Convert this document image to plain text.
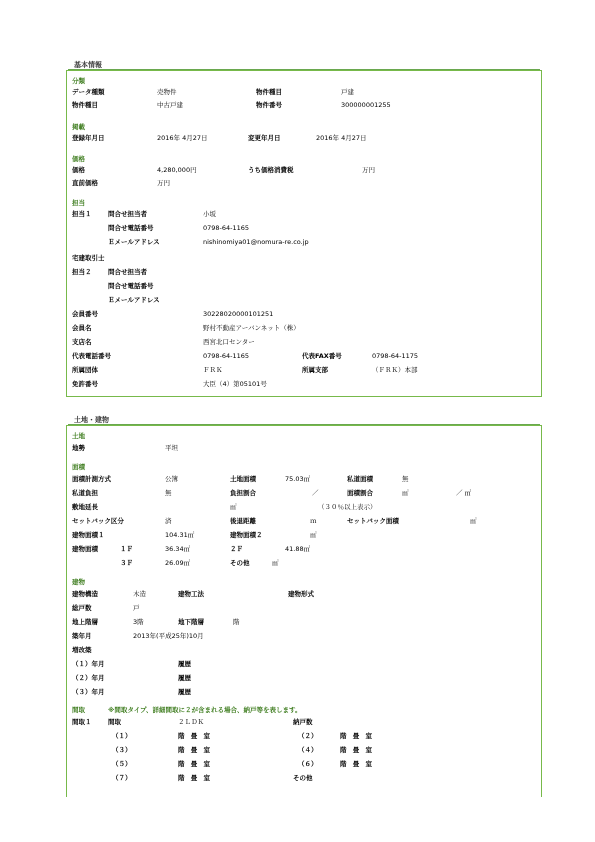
基本情報
分類
データ種類	売物件	物件種目	戸建
物件種目	中古戸建	物件番号	300000001255
掲載
登録年月日	2016年 4月27日	変更年月日	2016年 4月27日
価格
価格	4,280,000円	うち価格消費税	万円
直前価格	万円
担当
担当１	問合せ担当者	小坂
問合せ電話番号	0798-64-1165
Ｅメールアドレス	nishinomiya01@nomura-re.co.jp
宅建取引士
担当２	問合せ担当者
問合せ電話番号
Ｅメールアドレス
会員番号	30228020000101251
会員名	野村不動産アーバンネット（株）
支店名	西宮北口センター
代表電話番号	0798-64-1165	代表FAX番号	0798-64-1175
所属団体	ＦＲＫ	所属支部	（ＦＲＫ）本部
免許番号	大臣（4）第05101号
土地・建物
土地
地勢	平坦
面積
面積計測方式	公簿	土地面積	75.03㎡	私道面積	無
私道負担	無	負担割合	／	面積割合	㎡	／ ㎡
敷地延長	㎡	（３０％以上表示）
セットバック区分	済	後退距離	ｍ	セットバック面積	㎡
建物面積１	104.31㎡	建物面積２	㎡
建物面積	１Ｆ	36.34㎡	２Ｆ	41.88㎡
３Ｆ	26.09㎡	その他	㎡
建物
建物構造	木造	建物工法	建物形式
総戸数	戸
地上階層	3階	地下階層	階
築年月	2013年(平成25年)10月
増改築
（１）年月	履歴
（２）年月	履歴
（３）年月	履歴
間取	※間取タイプ、詳細間取に２が含まれる場合、納戸等を表します。
間取１	間取	２ＬＤＫ	納戸数
（１）	階 畳 室	（２）	階 畳 室
（３）	階 畳 室	（４）	階 畳 室
（５）	階 畳 室	（６）	階 畳 室
（７）	階 畳 室	その他
